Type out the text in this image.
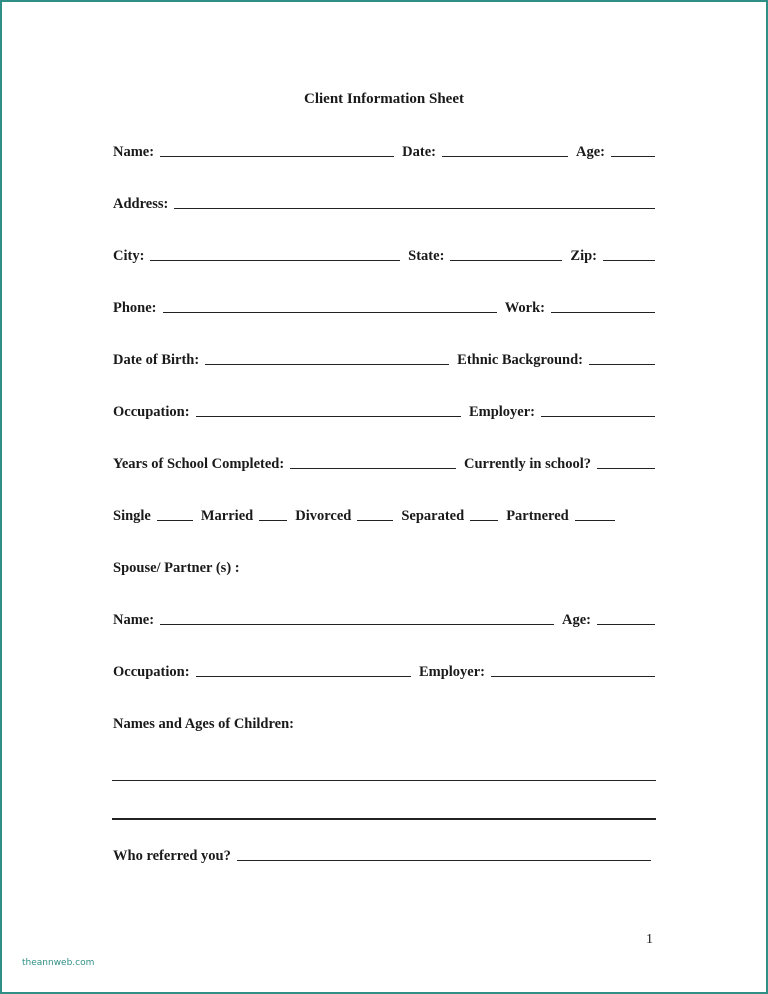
Client Information Sheet
Name:	Date:	Age:
Address:
City:	State:	Zip:
Phone:	Work:
Date of Birth:	Ethnic Background:
Occupation:	Employer:
Years of School Completed:	Currently in school?
Single	Married	Divorced	Separated	Partnered
Spouse/ Partner (s) :
Name:	Age:
Occupation:	Employer:
Names and Ages of Children:
Who referred you?
1
theannweb.com
